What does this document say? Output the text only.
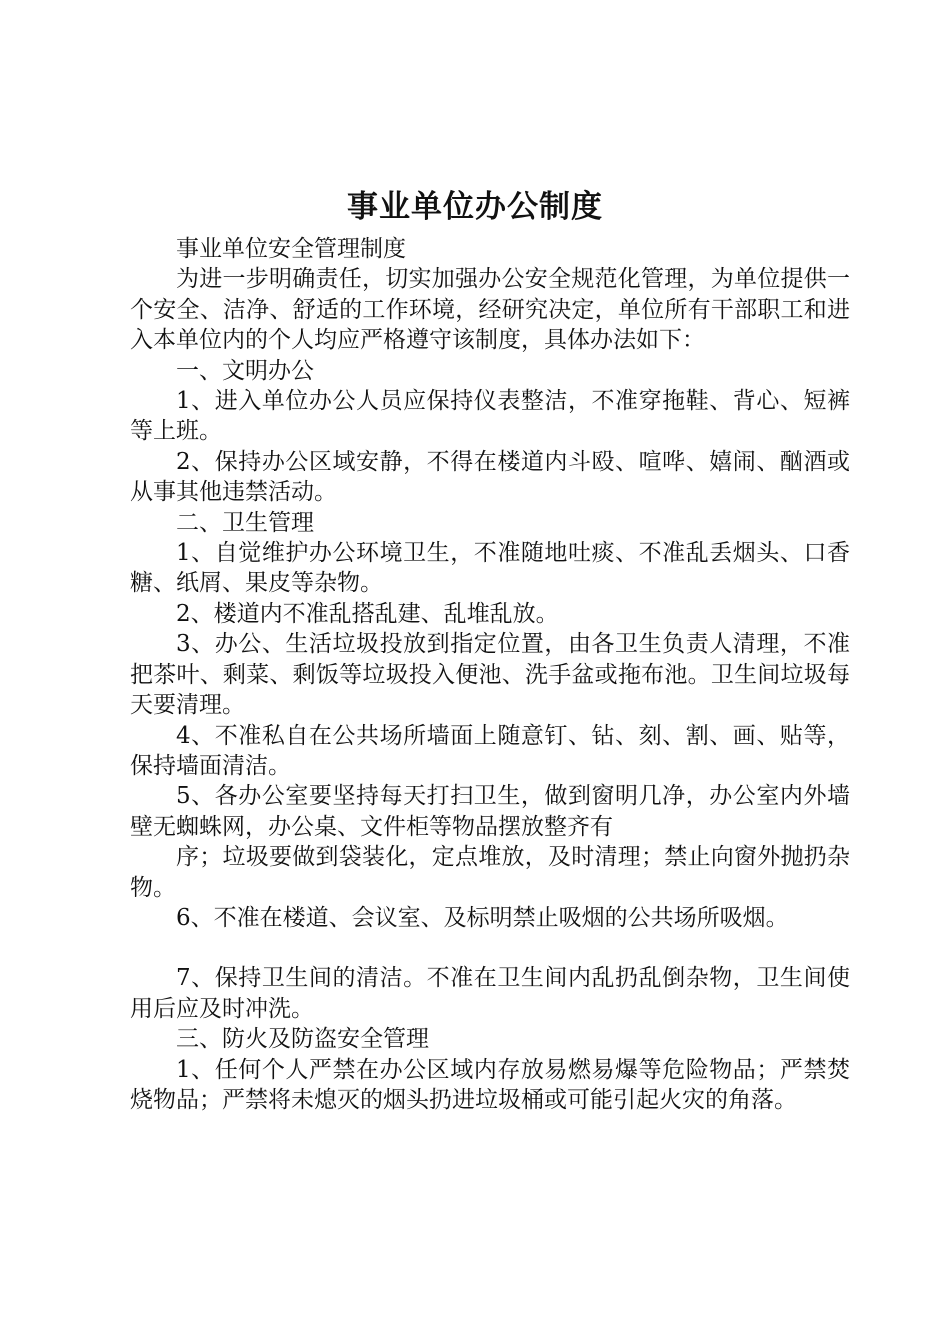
事业单位办公制度

事业单位安全管理制度

为进一步明确责任，切实加强办公安全规范化管理，为单位提供一个安全、洁净、舒适的工作环境，经研究决定，单位所有干部职工和进入本单位内的个人均应严格遵守该制度，具体办法如下：

一、文明办公

1、进入单位办公人员应保持仪表整洁，不准穿拖鞋、背心、短裤等上班。

2、保持办公区域安静，不得在楼道内斗殴、喧哗、嬉闹、酗酒或从事其他违禁活动。

二、卫生管理

1、自觉维护办公环境卫生，不准随地吐痰、不准乱丢烟头、口香糖、纸屑、果皮等杂物。

2、楼道内不准乱搭乱建、乱堆乱放。

3、办公、生活垃圾投放到指定位置，由各卫生负责人清理，不准把茶叶、剩菜、剩饭等垃圾投入便池、洗手盆或拖布池。卫生间垃圾每天要清理。

4、不准私自在公共场所墙面上随意钉、钻、刻、割、画、贴等，保持墙面清洁。

5、各办公室要坚持每天打扫卫生，做到窗明几净，办公室内外墙壁无蜘蛛网，办公桌、文件柜等物品摆放整齐有

序；垃圾要做到袋装化，定点堆放，及时清理；禁止向窗外抛扔杂物。

6、不准在楼道、会议室、及标明禁止吸烟的公共场所吸烟。

7、保持卫生间的清洁。不准在卫生间内乱扔乱倒杂物，卫生间使用后应及时冲洗。

三、防火及防盗安全管理

1、任何个人严禁在办公区域内存放易燃易爆等危险物品；严禁焚烧物品；严禁将未熄灭的烟头扔进垃圾桶或可能引起火灾的角落。
